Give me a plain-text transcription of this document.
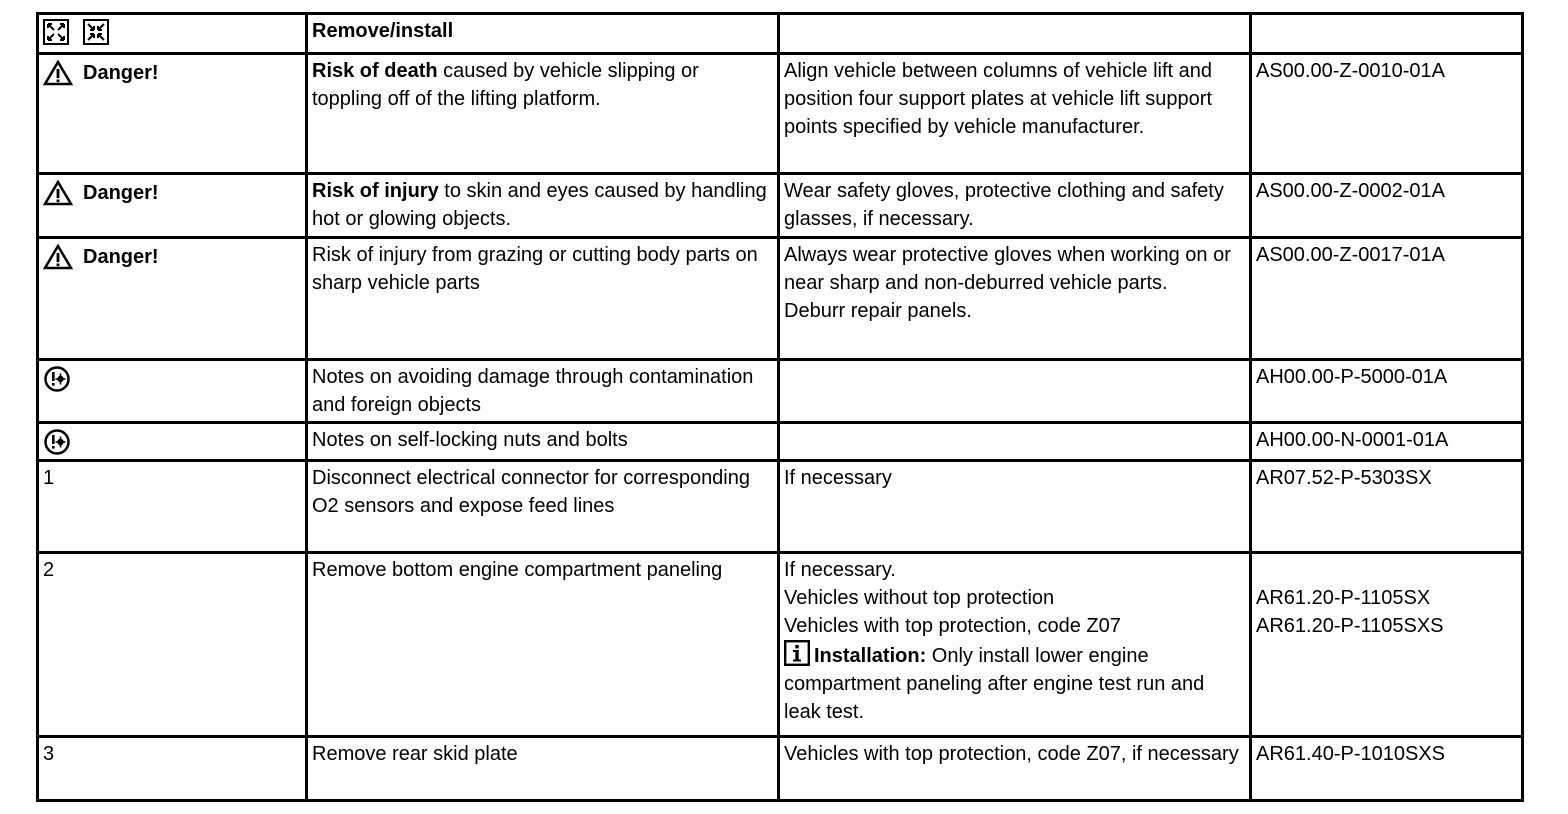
	Remove/install		

Danger!	Risk of death caused by vehicle slipping or toppling off of the lifting platform.	Align vehicle between columns of vehicle lift and position four support plates at vehicle lift support points specified by vehicle manufacturer.	AS00.00-Z-0010-01A

Danger!	Risk of injury to skin and eyes caused by handling hot or glowing objects.	Wear safety gloves, protective clothing and safety glasses, if necessary.	AS00.00-Z-0002-01A

Danger!	Risk of injury from grazing or cutting body parts on sharp vehicle parts	Always wear protective gloves when working on or near sharp and non-deburred vehicle parts.
Deburr repair panels.	AS00.00-Z-0017-01A
	Notes on avoiding damage through contamination and foreign objects		AH00.00-P-5000-01A
	Notes on self-locking nuts and bolts		AH00.00-N-0001-01A
1	Disconnect electrical connector for corresponding O2 sensors and expose feed lines	If necessary	AR07.52-P-5303SX
2	Remove bottom engine compartment paneling	If necessary.
Vehicles without top protection
Vehicles with top protection, code Z07
Installation: Only install lower engine compartment paneling after engine test run and leak test.	AR61.20-P-1105SX
AR61.20-P-1105SXS

3	Remove rear skid plate	Vehicles with top protection, code Z07, if necessary	AR61.40-P-1010SXS
